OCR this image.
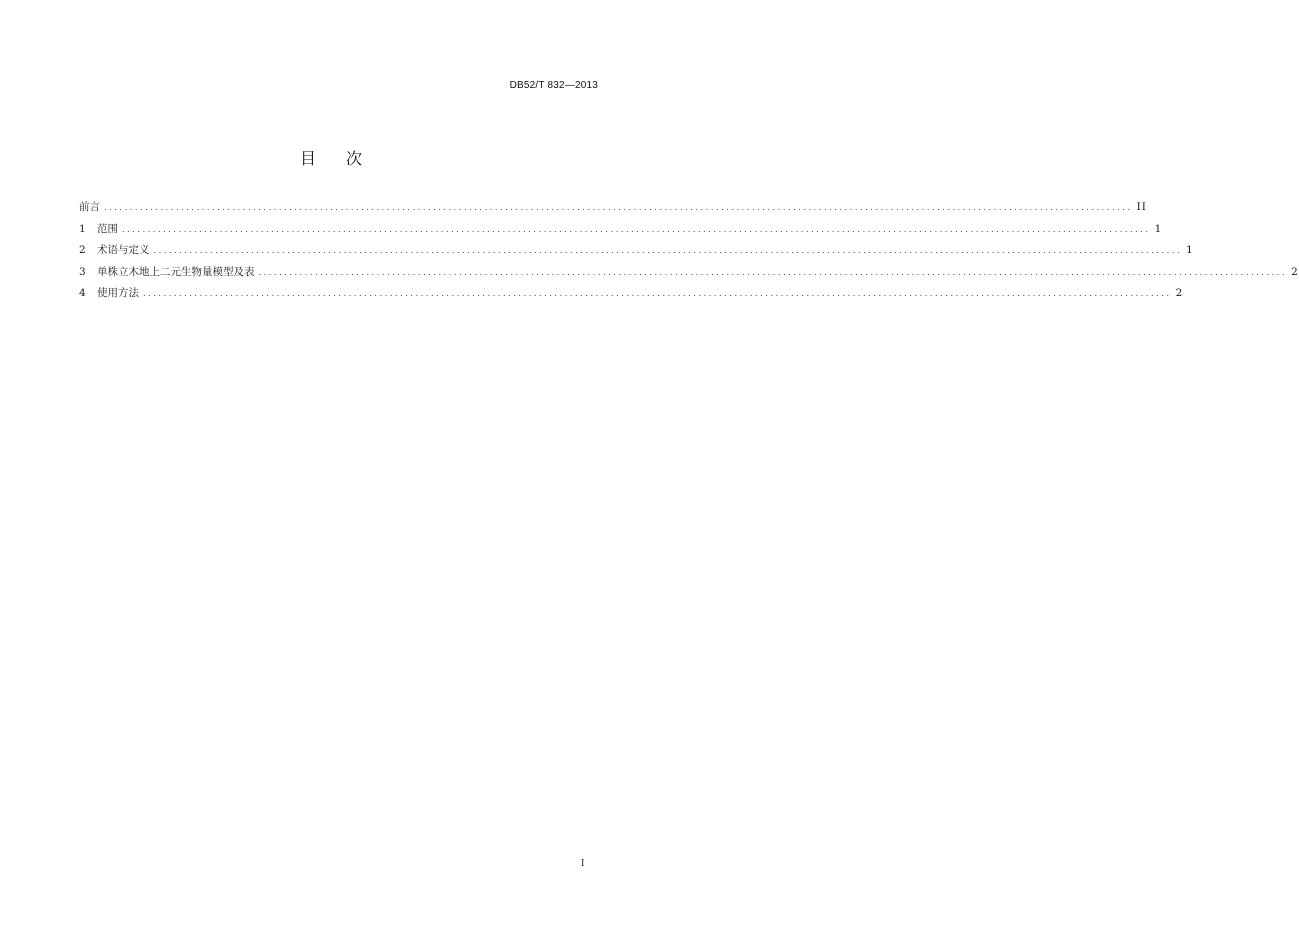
DB52/T 832—2013
目次
前言 ........................................................................................................................................................................................................ II
1	范围 ........................................................................................................................................................................................................ 1
2	术语与定义 ........................................................................................................................................................................................................ 1
3	单株立木地上二元生物量模型及表 ........................................................................................................................................................................................................ 2
4	使用方法 ........................................................................................................................................................................................................ 2
I
